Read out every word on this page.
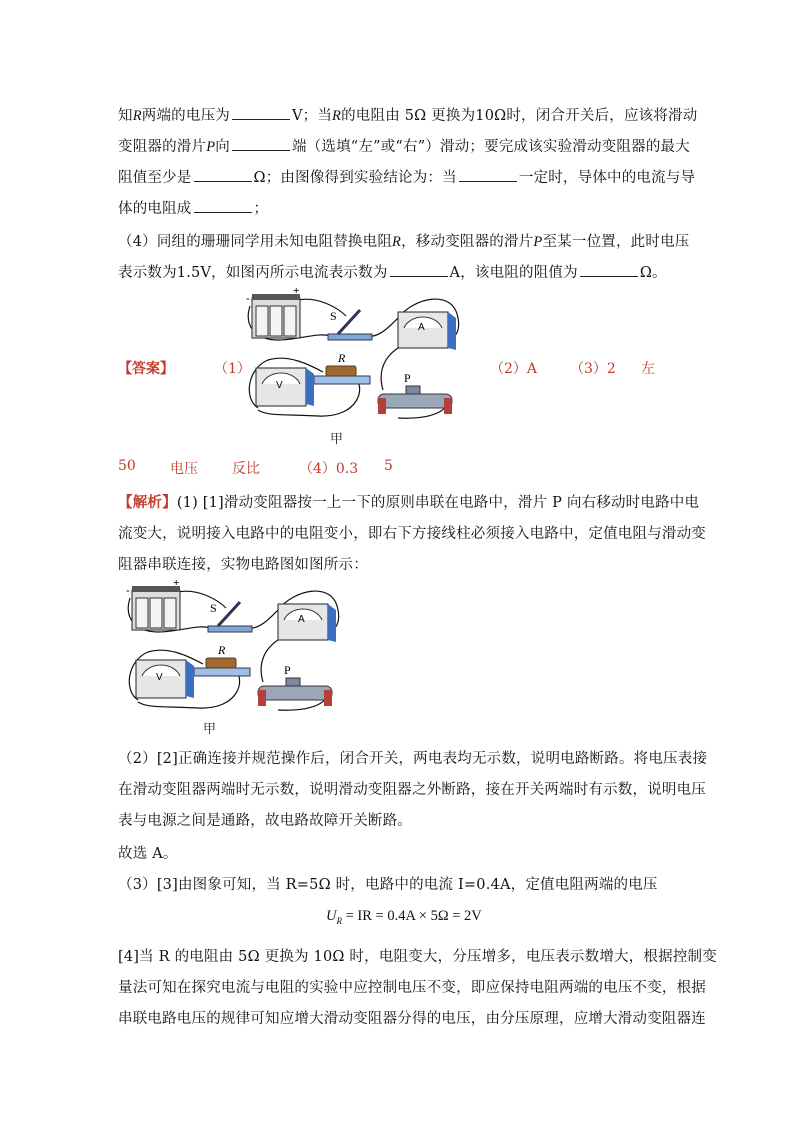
知R两端的电压为	V；当R的电阻由 5Ω 更换为10Ω时，闭合开关后，应该将滑动
变阻器的滑片P向	端（选填“左”或“右”）滑动；要完成该实验滑动变阻器的最大
阻值至少是	Ω；由图像得到实验结论为：当	一定时，导体中的电流与导
体的电阻成	；
（4）同组的珊珊同学用未知电阻替换电阻R，移动变阻器的滑片P至某一位置，此时电压
表示数为1.5V，如图丙所示电流表示数为	A，该电阻的阻值为	Ω。
【答案】	（1）	（2）A （3）2 左
-
+
S
A
R
V
P
甲
50 电压 反比	（4）0.3 5
【解析】(1) [1]滑动变阻器按一上一下的原则串联在电路中，滑片 P 向右移动时电路中电
流变大，说明接入电路中的电阻变小，即右下方接线柱必须接入电路中，定值电阻与滑动变
阻器串联连接，实物电路图如图所示：
-
+
S
A
R
V
P
甲
（2）[2]正确连接并规范操作后，闭合开关，两电表均无示数，说明电路断路。将电压表接
在滑动变阻器两端时无示数，说明滑动变阻器之外断路，接在开关两端时有示数，说明电压
表与电源之间是通路，故电路故障开关断路。
故选 A。
（3）[3]由图象可知，当 R=5Ω 时，电路中的电流 I=0.4A，定值电阻两端的电压
$U_R$ = IR = 0.4A × 5Ω = 2V
[4]当 R 的电阻由 5Ω 更换为 10Ω 时，电阻变大，分压增多，电压表示数增大，根据控制变
量法可知在探究电流与电阻的实验中应控制电压不变，即应保持电阻两端的电压不变，根据
串联电路电压的规律可知应增大滑动变阻器分得的电压，由分压原理，应增大滑动变阻器连
